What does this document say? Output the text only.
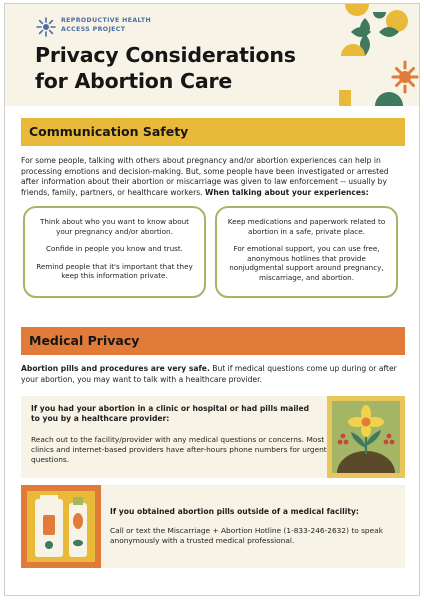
REPRODUCTIVE HEALTH
ACCESS PROJECT
Privacy Considerations
for Abortion Care
Communication Safety
For some people, talking with others about pregnancy and/or abortion experiences can help in processing emotions and decision-making. But, some people have been investigated or arrested after information about their abortion or miscarriage was given to law enforcement -- usually by friends, family, partners, or healthcare workers. When talking about your experiences:

Think about who you want to know about your pregnancy and/or abortion.

Confide in people you know and trust.

Remind people that it's important that they keep this information private.

Keep medications and paperwork related to abortion in a safe, private place.

For emotional support, you can use free, anonymous hotlines that provide nonjudgmental support around pregnancy, miscarriage, and abortion.

Medical Privacy
Abortion pills and procedures are very safe. But if medical questions come up during or after your abortion, you may want to talk with a healthcare provider.
If you had your abortion in a clinic or hospital or had pills mailed to you by a healthcare provider:
Reach out to the facility/provider with any medical questions or concerns. Most clinics and internet-based providers have after-hours phone numbers for urgent questions.
If you obtained abortion pills outside of a medical facility:
Call or text the Miscarriage + Abortion Hotline (1-833-246-2632) to speak anonymously with a trusted medical professional.
